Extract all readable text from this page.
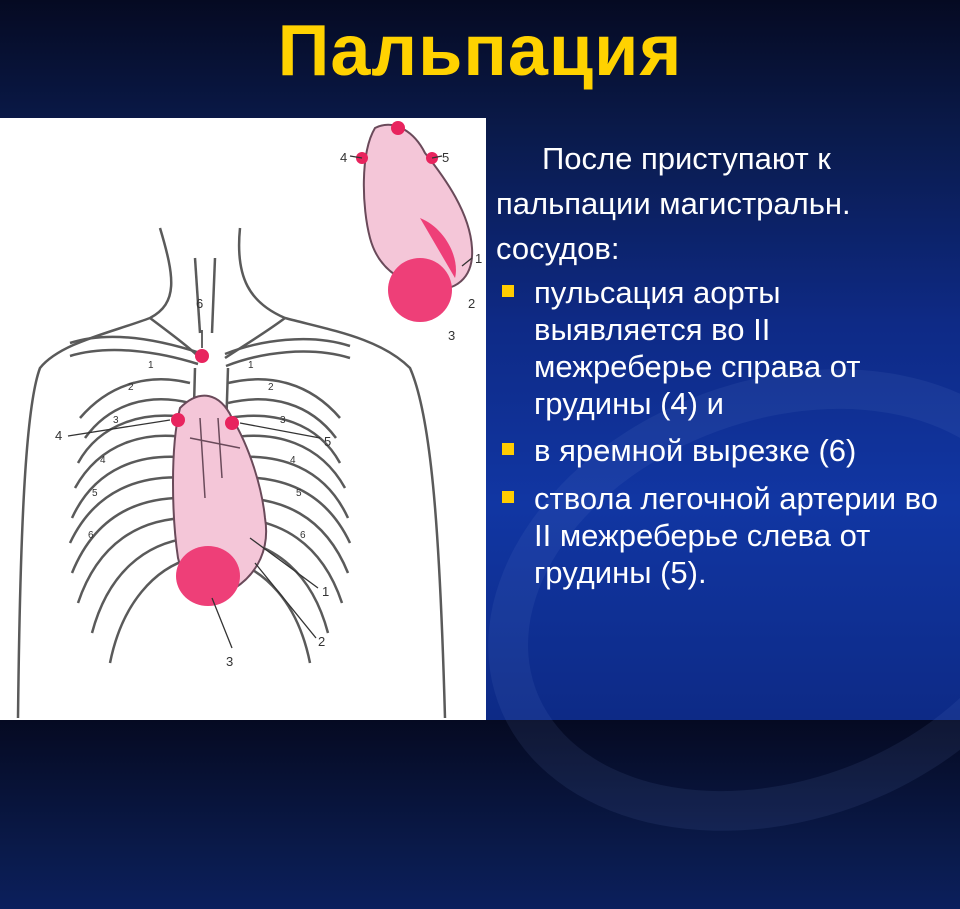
Пальпация
4	5
1
2
3
6
4	5
1
2
3
1
2
3
4
5
6
1
2
3
4
5
6

После приступают к
пальпации магистральн.
сосудов:

пульсация аорты выявляется во II межреберье справа от грудины (4) и
в яремной вырезке (6)
ствола легочной артерии во II межреберье слева от грудины (5).
